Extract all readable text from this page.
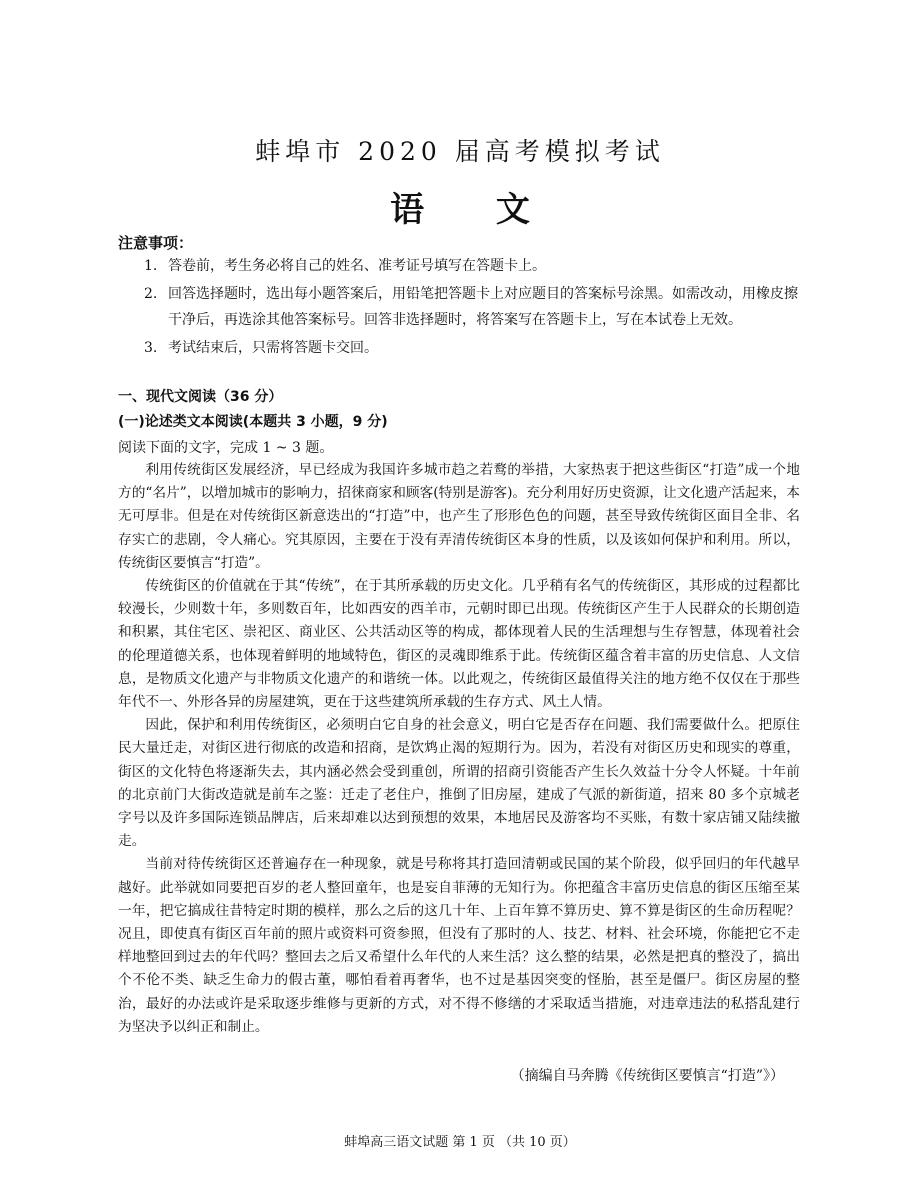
蚌埠市 2020 届高考模拟考试
语 文
注意事项：
1. 答卷前，考生务必将自己的姓名、准考证号填写在答题卡上。
2. 回答选择题时，选出每小题答案后，用铅笔把答题卡上对应题目的答案标号涂黑。如需改动，用橡皮擦干净后，再选涂其他答案标号。回答非选择题时，将答案写在答题卡上，写在本试卷上无效。
3. 考试结束后，只需将答题卡交回。
一、现代文阅读（36 分）
(一)论述类文本阅读(本题共 3 小题，9 分)
阅读下面的文字，完成 1 ~ 3 题。

利用传统街区发展经济，早已经成为我国许多城市趋之若鹜的举措，大家热衷于把这些街区“打造”成一个地方的“名片”，以增加城市的影响力，招徕商家和顾客(特别是游客)。充分利用好历史资源，让文化遗产活起来，本无可厚非。但是在对传统街区新意迭出的“打造”中，也产生了形形色色的问题，甚至导致传统街区面目全非、名存实亡的悲剧，令人痛心。究其原因，主要在于没有弄清传统街区本身的性质，以及该如何保护和利用。所以，传统街区要慎言“打造”。

传统街区的价值就在于其“传统”，在于其所承载的历史文化。几乎稍有名气的传统街区，其形成的过程都比较漫长，少则数十年，多则数百年，比如西安的西羊市，元朝时即已出现。传统街区产生于人民群众的长期创造和积累，其住宅区、崇祀区、商业区、公共活动区等的构成，都体现着人民的生活理想与生存智慧，体现着社会的伦理道德关系，也体现着鲜明的地域特色，街区的灵魂即维系于此。传统街区蕴含着丰富的历史信息、人文信息，是物质文化遗产与非物质文化遗产的和谐统一体。以此观之，传统街区最值得关注的地方绝不仅仅在于那些年代不一、外形各异的房屋建筑，更在于这些建筑所承载的生存方式、风土人情。

因此，保护和利用传统街区，必须明白它自身的社会意义，明白它是否存在问题、我们需要做什么。把原住民大量迁走，对街区进行彻底的改造和招商，是饮鸩止渴的短期行为。因为，若没有对街区历史和现实的尊重，街区的文化特色将逐渐失去，其内涵必然会受到重创，所谓的招商引资能否产生长久效益十分令人怀疑。十年前的北京前门大街改造就是前车之鉴：迁走了老住户，推倒了旧房屋，建成了气派的新街道，招来 80 多个京城老字号以及许多国际连锁品牌店，后来却难以达到预想的效果，本地居民及游客均不买账，有数十家店铺又陆续撤走。

当前对待传统街区还普遍存在一种现象，就是号称将其打造回清朝或民国的某个阶段，似乎回归的年代越早越好。此举就如同要把百岁的老人整回童年，也是妄自菲薄的无知行为。你把蕴含丰富历史信息的街区压缩至某一年，把它搞成往昔特定时期的模样，那么之后的这几十年、上百年算不算历史、算不算是街区的生命历程呢？况且，即使真有街区百年前的照片或资料可资参照，但没有了那时的人、技艺、材料、社会环境，你能把它不走样地整回到过去的年代吗？整回去之后又希望什么年代的人来生活？这么整的结果，必然是把真的整没了，搞出个不伦不类、缺乏生命力的假古董，哪怕看着再奢华，也不过是基因突变的怪胎，甚至是僵尸。街区房屋的整治，最好的办法或许是采取逐步维修与更新的方式，对不得不修缮的才采取适当措施，对违章违法的私搭乱建行为坚决予以纠正和制止。

（摘编自马奔腾《传统街区要慎言“打造”》）
蚌埠高三语文试题 第 1 页 （共 10 页）
